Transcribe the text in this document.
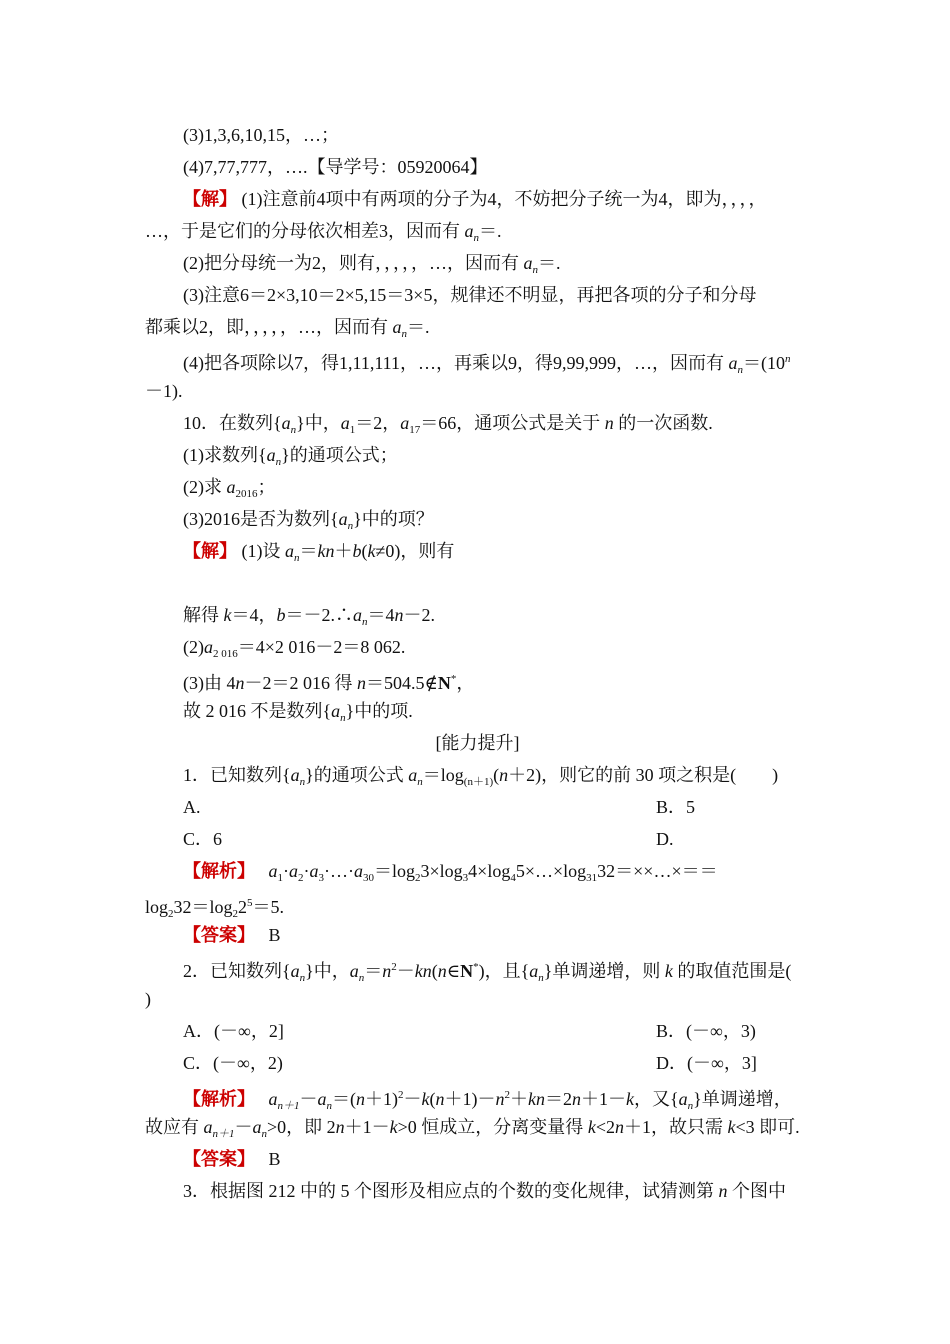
(3)1,3,6,10,15，…；
(4)7,77,777，….【导学号：05920064】
【解】 (1)注意前4项中有两项的分子为4，不妨把分子统一为4，即为，，，，
…，于是它们的分母依次相差3，因而有 $a_n=$.
(2)把分母统一为2，则有，，，，，…，因而有 $a_n=$.
(3)注意6＝2×3,10＝2×5,15＝3×5，规律还不明显，再把各项的分子和分母
都乘以2，即，，，，，…，因而有 $a_n=$.
(4)把各项除以7，得1,11,111，…，再乘以9，得9,99,999，…，因而有 $a_n=(10^n$
－1).
10．在数列$\{a_n\}$中，$a_1=2$，$a_{17}=66$，通项公式是关于 n 的一次函数.
(1)求数列$\{a_n\}$的通项公式；
(2)求 $a_{2016}$；
(3)2016是否为数列$\{a_n\}$中的项？
【解】 (1)设 $a_n=kn+b(k\ne 0)$，则有
解得 k＝4，$b=-2.\therefore a_n=4n-2$.
$(2)a_{2 016}=4\times 2$ 016－2＝8 062.
(3)由 4n－2＝2 016 得 n＝504.5∉N*，
故 2 016 不是数列$\{a_n\}$中的项.
[能力提升]
1．已知数列$\{a_n\}$的通项公式 $a_n=\log_{(n+1)}(n+2)$，则它的前 30 项之积是(　　)
A.	B．5
C．6	D.
【解析】 $a_1\cdot a_2\cdot a_3\cdot\dots\cdot a_{30}=\log_23\times\log_34\times\log_45\times\dots\times\log_{31}32=\times\times\dots\times==$
$\log_232=\log_22^5=5$.
【答案】 B
2．已知数列$\{a_n\}$中，$a_n=n^2-kn(n\in N^*)$，且$\{a_n\}$单调递增，则 k 的取值范围是(
)
A．(－∞，2]	B．(－∞，3)
C．(－∞，2)	D．(－∞，3]
【解析】 $a_{n+1}-a_n=(n+1)^2-k(n+1)-n^2+kn=2n+1-k$，又$\{a_n\}$单调递增，
故应有 $a_{n+1}-a_n>0$，即 2n＋1－k>0 恒成立，分离变量得 k<2n＋1，故只需 k<3 即可.
【答案】 B
3．根据图 212 中的 5 个图形及相应点的个数的变化规律，试猜测第 n 个图中
